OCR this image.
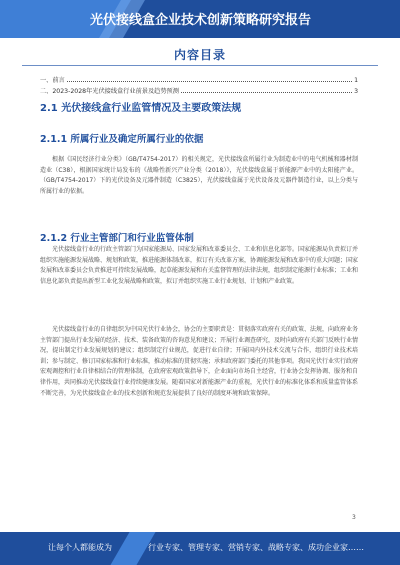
光伏接线盒企业技术创新策略研究报告
内容目录
一、前言	1
二、2023-2028年光伏接线盒行业前景及趋势预测	3
2.1 光伏接线盒行业监管情况及主要政策法规
2.1.1 所属行业及确定所属行业的依据
根据《国民经济行业分类》（GB/T4754-2017）的相关规定，光伏接线盒所属行业为制造业中的电气机械和器材制造业（C38），根据国家统计局发布的《战略性新兴产业分类（2018）》，光伏接线盒属于新能源产业中的太阳能产业。（GB/T4754-2017）下的光伏设备及元器件制造（C3825），光伏接线盒属于光伏设备及元器件制造行业，以上分类与所属行业的依据。
2.1.2 行业主管部门和行业监管体制
光伏接线盒行业的行政主管部门为国家能源局、国家发展和改革委员会、工业和信息化部等。国家能源局负责拟订并组织实施能源发展战略、规划和政策，推进能源体制改革，拟订有关改革方案，协调能源发展和改革中的重大问题；国家发展和改革委员会负责推进可持续发展战略，起草能源发展和有关监督管理的法律法规，组织制定能源行业标准；工业和信息化部负责提出新型工业化发展战略和政策，拟订并组织实施工业行业规划、计划和产业政策。
光伏接线盒行业的自律组织为中国光伏行业协会，协会的主要职责是：贯彻落实政府有关的政策、法规，向政府业务主管部门提出行业发展的经济、技术、装备政策的咨询意见和建议；开展行业调查研究，及时向政府有关部门反映行业情况，提出制定行业发展规划的建议；组织制定行业规范，促进行业自律；开展国内外技术交流与合作，组织行业技术培训；参与制定、修订国家标准和行业标准，推动标准的贯彻实施；承担政府部门委托的其他事项。我国光伏行业实行政府宏观调控和行业自律相结合的管理体制，在政府宏观政策指导下，企业面向市场自主经营，行业协会发挥协调、服务和自律作用，共同推动光伏接线盒行业持续健康发展。随着国家对新能源产业的重视，光伏行业的标准化体系和质量监管体系不断完善，为光伏接线盒企业的技术创新和规范发展提供了良好的制度环境和政策保障。
3
让每个人都能成为	行业专家、管理专家、营销专家、战略专家、成功企业家……
